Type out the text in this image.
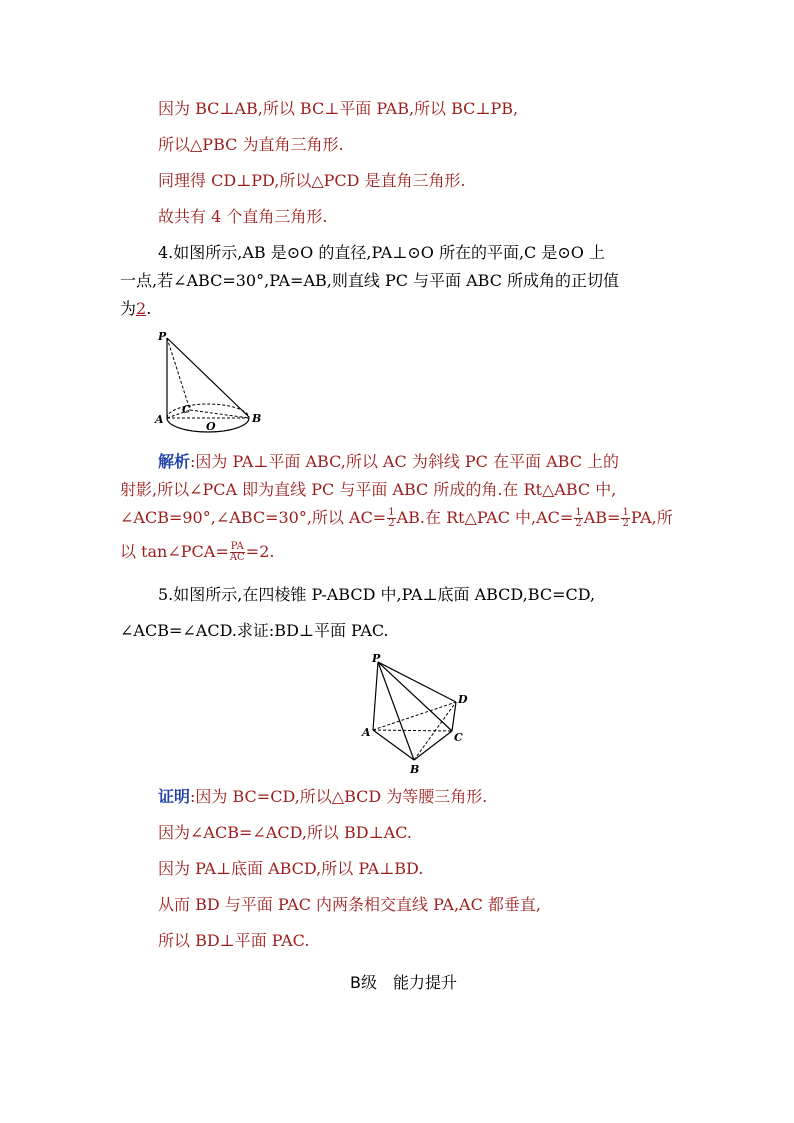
因为 BC⊥AB,所以 BC⊥平面 PAB,所以 BC⊥PB,
所以△PBC 为直角三角形.
同理得 CD⊥PD,所以△PCD 是直角三角形.
故共有 4 个直角三角形.
4.如图所示,AB 是⊙O 的直径,PA⊥⊙O 所在的平面,C 是⊙O 上
一点,若∠ABC=30°,PA=AB,则直线 PC 与平面 ABC 所成角的正切值
为2.
P
A
C
O
B
解析:因为 PA⊥平面 ABC,所以 AC 为斜线 PC 在平面 ABC 上的
射影,所以∠PCA 即为直线 PC 与平面 ABC 所成的角.在 Rt△ABC 中,
∠ACB=90°,∠ABC=30°,所以 $AC= \frac{1}{2}$ AB.在 Rt△PAC 中$,AC= \frac{1}{2} AB= \frac{1}{2}$ PA,所
以 tan∠PCA= $\frac{PA}{AC} =2$.
5.如图所示,在四棱锥 P-ABCD 中,PA⊥底面 ABCD,BC=CD,
∠ACB=∠ACD.求证:BD⊥平面 PAC.
P
A
B
C
D
证明:因为 BC=CD,所以△BCD 为等腰三角形.
因为∠ACB=∠ACD,所以 BD⊥AC.
因为 PA⊥底面 ABCD,所以 PA⊥BD.
从而 BD 与平面 PAC 内两条相交直线 PA,AC 都垂直,
所以 BD⊥平面 PAC.
B级　能力提升
